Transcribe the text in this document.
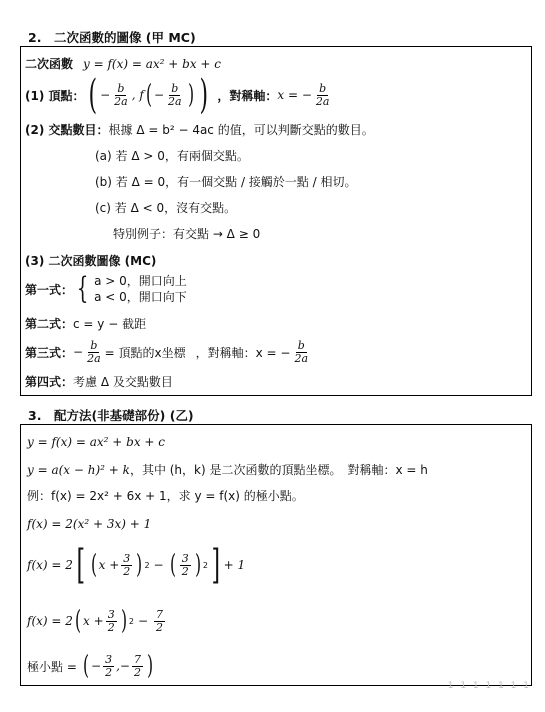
2.　二次函數的圖像 (甲 MC)
二次函數 y = f(x) = ax² + bx + c
(1) 頂點： ( − $\frac{b}{2a}$ , f ( − $\frac{b}{2a}$ ) ) ，對稱軸： x = − $\frac{b}{2a}$
(2) 交點數目： 根據 Δ = b² − 4ac 的值，可以判斷交點的數目。
(a) 若 Δ > 0，有兩個交點。
(b) 若 Δ = 0，有一個交點 / 接觸於一點 / 相切。
(c) 若 Δ < 0，沒有交點。
特別例子：有交點 → Δ ≥ 0
(3) 二次函數圖像 (MC)
第一式： { a > 0，開口向上
a < 0，開口向下
第二式： c = y − 截距
第三式： − $\frac{b}{2a}$ = 頂點的x坐標 ，對稱軸：x = − $\frac{b}{2a}$
第四式： 考慮 Δ 及交點數目
3.　配方法(非基礎部份) (乙)
y = f(x) = ax² + bx + c
y = a(x − h)² + k ，其中 (h，k) 是二次函數的頂點坐標。　對稱軸：x = h
例：f(x) = 2x² + 6x + 1，求 y = f(x) 的極小點。
f(x) = 2(x² + 3x) + 1
f(x) = 2 [ ( $x + \frac{3}{2}$ ) 2 − ( $\frac{3}{2}$ ) 2 ] + 1
f(x) = 2 ( $x + \frac{3}{2}$ ) $2 - \frac{7}{2}$
極小點 = ( − $\frac{3}{2}$ , − $\frac{7}{2}$ )
1 1 1 1 1 1 1
